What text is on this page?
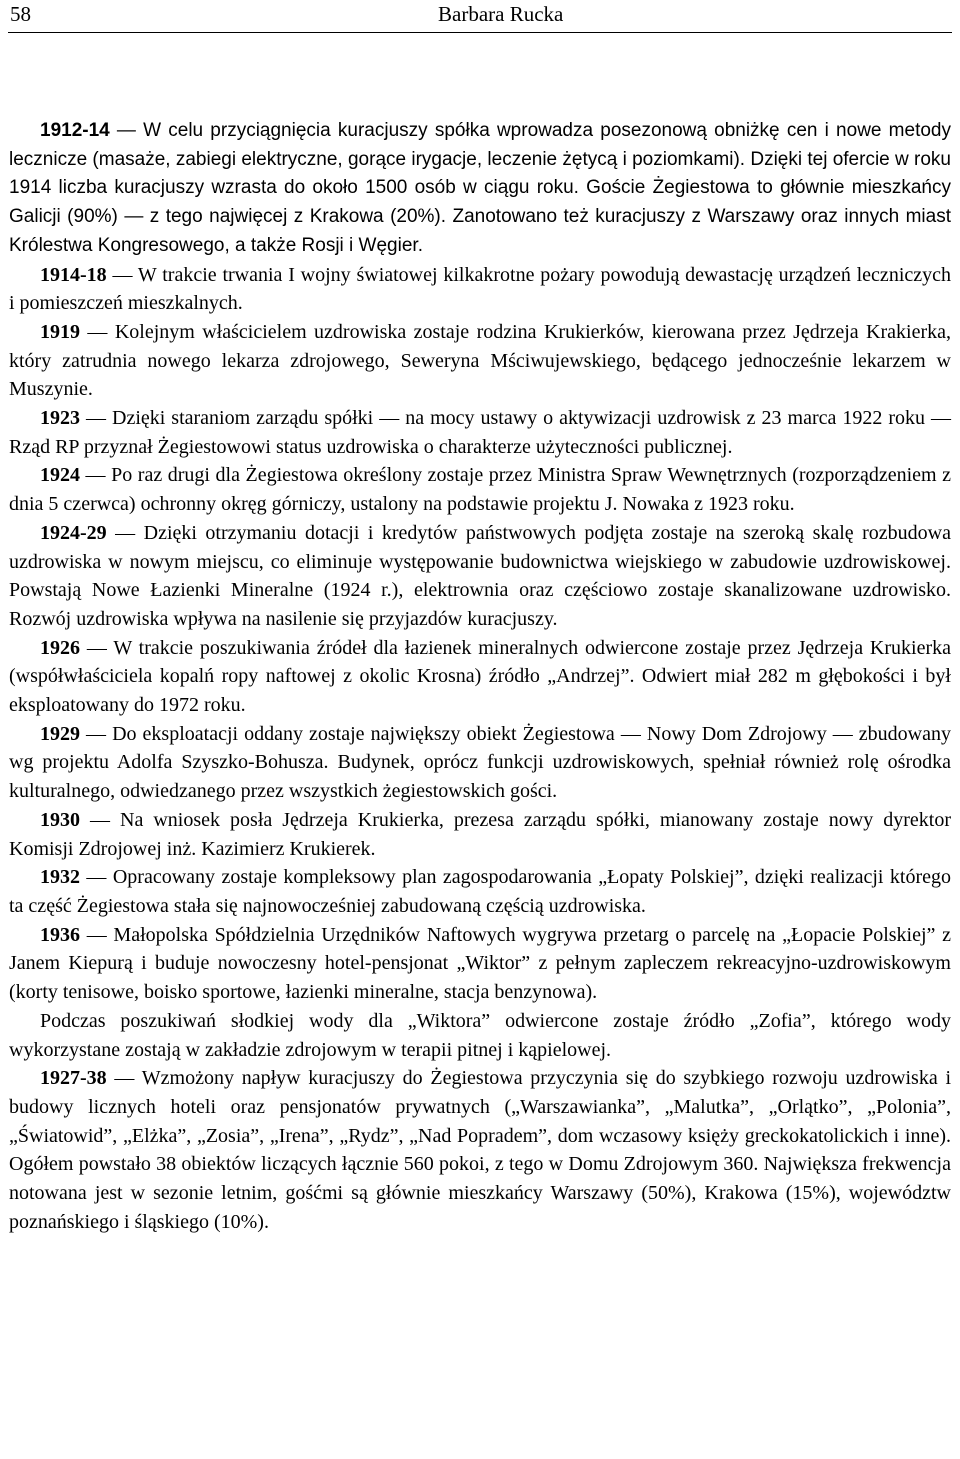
58	Barbara Rucka

1912-14 — W celu przyciągnięcia kuracjuszy spółka wprowadza posezonową obniżkę cen i nowe metody lecznicze (masaże, zabiegi elektryczne, gorące irygacje, leczenie żętycą i poziomkami). Dzięki tej ofercie w roku 1914 liczba kuracjuszy wzrasta do około 1500 osób w ciągu roku. Goście Żegiestowa to głównie mieszkańcy Galicji (90%) — z tego najwięcej z Krakowa (20%). Zanotowano też kuracjuszy z Warszawy oraz innych miast Królestwa Kongresowego, a także Rosji i Węgier.

1914-18 — W trakcie trwania I wojny światowej kilkakrotne pożary powodują dewastację urządzeń leczniczych i pomieszczeń mieszkalnych.

1919 — Kolejnym właścicielem uzdrowiska zostaje rodzina Krukierków, kierowana przez Jędrzeja Krakierka, który zatrudnia nowego lekarza zdrojowego, Seweryna Mściwujewskiego, będącego jednocześnie lekarzem w Muszynie.

1923 — Dzięki staraniom zarządu spółki — na mocy ustawy o aktywizacji uzdrowisk z 23 marca 1922 roku — Rząd RP przyznał Żegiestowowi status uzdrowiska o charakterze użyteczności publicznej.

1924 — Po raz drugi dla Żegiestowa określony zostaje przez Ministra Spraw Wewnętrznych (rozporządzeniem z dnia 5 czerwca) ochronny okręg górniczy, ustalony na podstawie projektu J. Nowaka z 1923 roku.

1924-29 — Dzięki otrzymaniu dotacji i kredytów państwowych podjęta zostaje na szeroką skalę rozbudowa uzdrowiska w nowym miejscu, co eliminuje występowanie budownictwa wiejskiego w zabudowie uzdrowiskowej. Powstają Nowe Łazienki Mineralne (1924 r.), elektrownia oraz częściowo zostaje skanalizowane uzdrowisko. Rozwój uzdrowiska wpływa na nasilenie się przyjazdów kuracjuszy.

1926 — W trakcie poszukiwania źródeł dla łazienek mineralnych odwiercone zostaje przez Jędrzeja Krukierka (współwłaściciela kopalń ropy naftowej z okolic Krosna) źródło „Andrzej”. Odwiert miał 282 m głębokości i był eksploatowany do 1972 roku.

1929 — Do eksploatacji oddany zostaje największy obiekt Żegiestowa — Nowy Dom Zdrojowy — zbudowany wg projektu Adolfa Szyszko-Bohusza. Budynek, oprócz funkcji uzdrowiskowych, spełniał również rolę ośrodka kulturalnego, odwiedzanego przez wszystkich żegiestowskich gości.

1930 — Na wniosek posła Jędrzeja Krukierka, prezesa zarządu spółki, mianowany zostaje nowy dyrektor Komisji Zdrojowej inż. Kazimierz Krukierek.

1932 — Opracowany zostaje kompleksowy plan zagospodarowania „Łopaty Polskiej”, dzięki realizacji którego ta część Żegiestowa stała się najnowocześniej zabudowaną częścią uzdrowiska.

1936 — Małopolska Spółdzielnia Urzędników Naftowych wygrywa przetarg o parcelę na „Łopacie Polskiej” z Janem Kiepurą i buduje nowoczesny hotel-pensjonat „Wiktor” z pełnym zapleczem rekreacyjno-uzdrowiskowym (korty tenisowe, boisko sportowe, łazienki mineralne, stacja benzynowa).

Podczas poszukiwań słodkiej wody dla „Wiktora” odwiercone zostaje źródło „Zofia”, którego wody wykorzystane zostają w zakładzie zdrojowym w terapii pitnej i kąpielowej.

1927-38 — Wzmożony napływ kuracjuszy do Żegiestowa przyczynia się do szybkiego rozwoju uzdrowiska i budowy licznych hoteli oraz pensjonatów prywatnych („Warszawianka”, „Malutka”, „Orlątko”, „Polonia”, „Światowid”, „Elżka”, „Zosia”, „Irena”, „Rydz”, „Nad Popradem”, dom wczasowy księży greckokatolickich i inne). Ogółem powstało 38 obiektów liczących łącznie 560 pokoi, z tego w Domu Zdrojowym 360. Największa frekwencja notowana jest w sezonie letnim, gośćmi są głównie mieszkańcy Warszawy (50%), Krakowa (15%), województw poznańskiego i śląskiego (10%).
